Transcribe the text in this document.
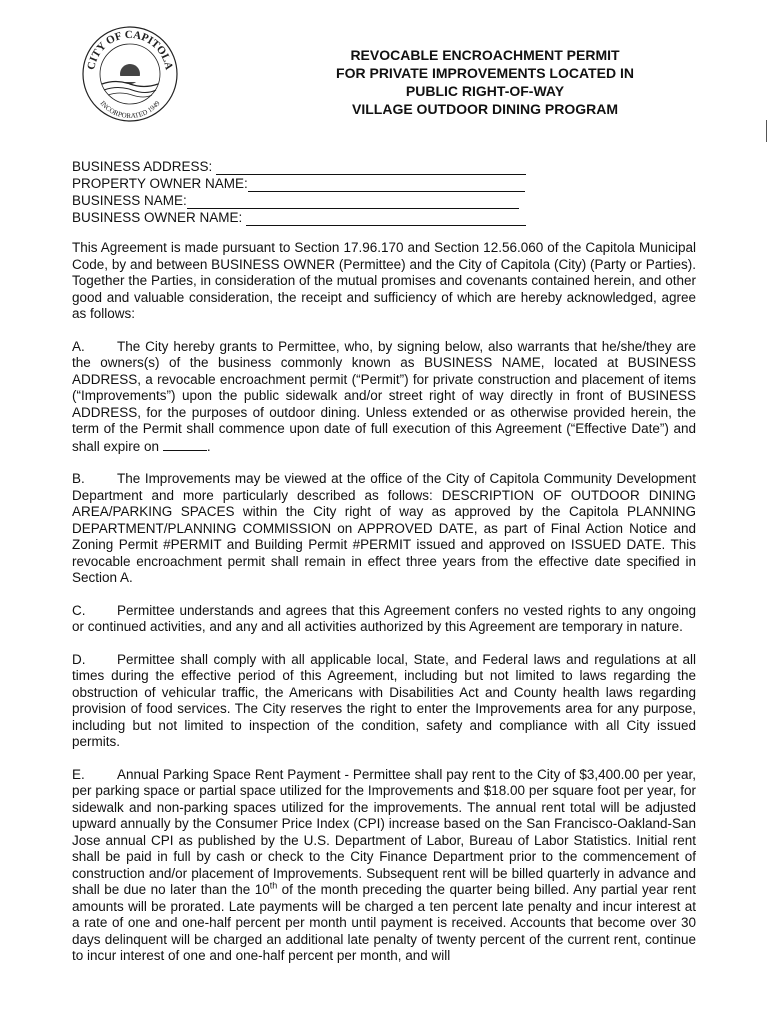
CITY OF CAPITOLA
INCORPORATED 1949
REVOCABLE ENCROACHMENT PERMIT
FOR PRIVATE IMPROVEMENTS LOCATED IN
PUBLIC RIGHT-OF-WAY
VILLAGE OUTDOOR DINING PROGRAM
BUSINESS ADDRESS:
PROPERTY OWNER NAME:
BUSINESS NAME:
BUSINESS OWNER NAME:

This Agreement is made pursuant to Section 17.96.170 and Section 12.56.060 of the Capitola Municipal Code, by and between BUSINESS OWNER (Permittee) and the City of Capitola (City) (Party or Parties). Together the Parties, in consideration of the mutual promises and covenants contained herein, and other good and valuable consideration, the receipt and sufficiency of which are hereby acknowledged, agree as follows:

A. The City hereby grants to Permittee, who, by signing below, also warrants that he/she/they are the owners(s) of the business commonly known as BUSINESS NAME, located at BUSINESS ADDRESS, a revocable encroachment permit (“Permit”) for private construction and placement of items (“Improvements”) upon the public sidewalk and/or street right of way directly in front of BUSINESS ADDRESS, for the purposes of outdoor dining. Unless extended or as otherwise provided herein, the term of the Permit shall commence upon date of full execution of this Agreement (“Effective Date”) and shall expire on	.

B. The Improvements may be viewed at the office of the City of Capitola Community Development Department and more particularly described as follows: DESCRIPTION OF OUTDOOR DINING AREA/PARKING SPACES within the City right of way as approved by the Capitola PLANNING DEPARTMENT/PLANNING COMMISSION on APPROVED DATE, as part of Final Action Notice and Zoning Permit #PERMIT and Building Permit #PERMIT issued and approved on ISSUED DATE. This revocable encroachment permit shall remain in effect three years from the effective date specified in Section A.

C. Permittee understands and agrees that this Agreement confers no vested rights to any ongoing or continued activities, and any and all activities authorized by this Agreement are temporary in nature.

D. Permittee shall comply with all applicable local, State, and Federal laws and regulations at all times during the effective period of this Agreement, including but not limited to laws regarding the obstruction of vehicular traffic, the Americans with Disabilities Act and County health laws regarding provision of food services. The City reserves the right to enter the Improvements area for any purpose, including but not limited to inspection of the condition, safety and compliance with all City issued permits.

E. Annual Parking Space Rent Payment - Permittee shall pay rent to the City of $3,400.00 per year, per parking space or partial space utilized for the Improvements and $18.00 per square foot per year, for sidewalk and non-parking spaces utilized for the improvements. The annual rent total will be adjusted upward annually by the Consumer Price Index (CPI) increase based on the San Francisco-Oakland-San Jose annual CPI as published by the U.S. Department of Labor, Bureau of Labor Statistics. Initial rent shall be paid in full by cash or check to the City Finance Department prior to the commencement of construction and/or placement of Improvements. Subsequent rent will be billed quarterly in advance and shall be due no later than the 10th of the month preceding the quarter being billed. Any partial year rent amounts will be prorated. Late payments will be charged a ten percent late penalty and incur interest at a rate of one and one-half percent per month until payment is received. Accounts that become over 30 days delinquent will be charged an additional late penalty of twenty percent of the current rent, continue to incur interest of one and one-half percent per month, and will
